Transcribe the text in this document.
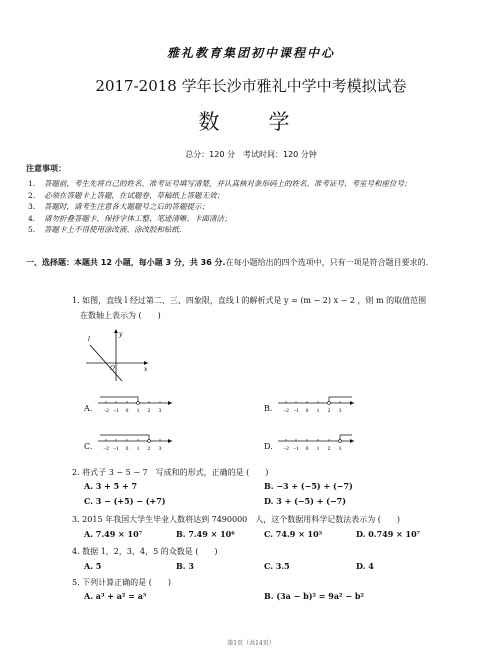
雅礼教育集团初中课程中心
2017-2018 学年长沙市雅礼中学中考模拟试卷
数　学
总分：120 分　考试时间：120 分钟
注意事项：
1.	答题前，考生先将自己的姓名、准考证号填写清楚，并认真核对条形码上的姓名、准考证号、考室号和座位号；
2.	必须在答题卡上答题，在试题卷、草稿纸上答题无效；
3.	答题时，请考生注意各大题题号之后的答题提示；
4.	请勿折叠答题卡，保持字体工整、笔迹清晰、卡面清洁；
5.	答题卡上不得使用涂改液、涂改胶和贴纸.
一、选择题：本题共 12 小题，每小题 3 分，共 36 分.在每小题给出的四个选项中，只有一项是符合题目要求的.
1. 如图，直线 l 经过第二、三、四象限，直线 l 的解析式是 y = (m − 2) x − 2 ，则 m 的取值范围
在数轴上表示为 (　　)
y
x
O
l
A. −2 −1 0 1 2 3	B. −2 −1 0 1 2 3
C. −2 −1 0 1 2 3	D. −2 −1 0 1 2 3
2. 将式子 3 − 5 − 7　写成和的形式，正确的是 (　　)
A. 3 + 5 + 7	B. −3 + (−5) + (−7)
C. 3 − (+5) − (+7)	D. 3 + (−5) + (−7)
3. 2015 年我国大学生毕业人数将达到 7490000　人，这个数据用科学记数法表示为 (　　)
A. 7.49 × 10⁷	B. 7.49 × 10⁶	C. 74.9 × 10⁵	D. 0.749 × 10⁷
4. 数据 1，2，3，4，5 的众数是 (　　)
A. 5	B. 3	C. 3.5	D. 4
5. 下列计算正确的是 (　　)
A. a³ + a² = a⁵	B. (3a − b)² = 9a² − b²
第1页（共14页）
